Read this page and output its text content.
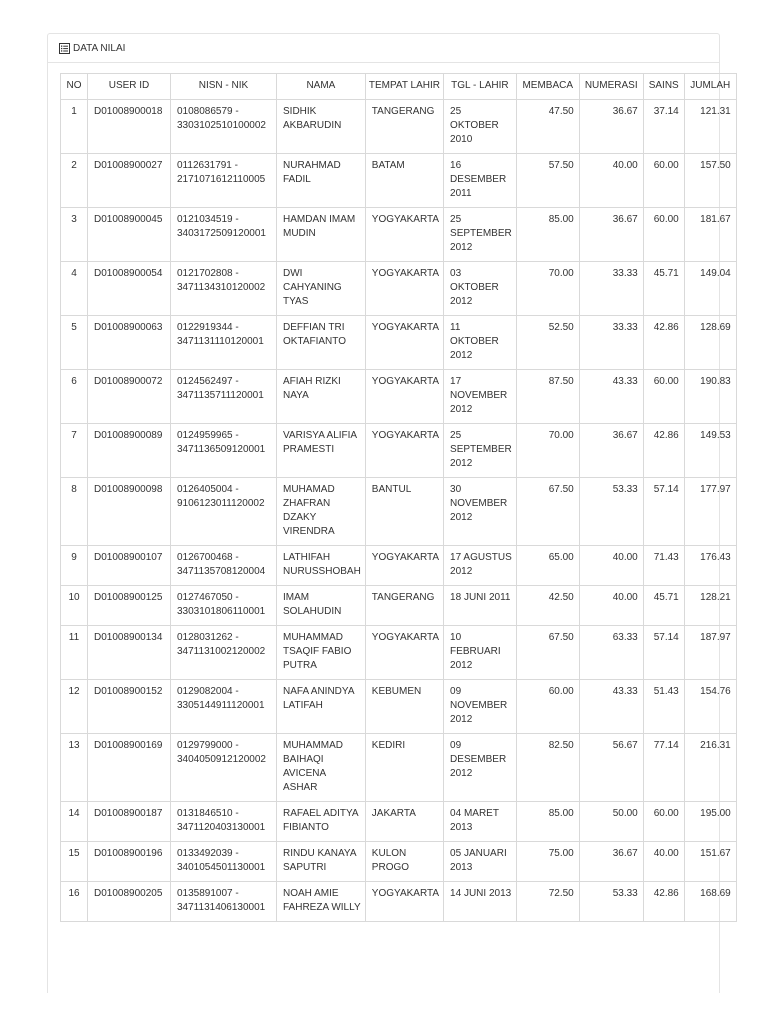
DATA NILAI
NO	USER ID	NISN - NIK	NAMA	TEMPAT LAHIR	TGL - LAHIR	MEMBACA	NUMERASI	SAINS	JUMLAH
1	D01008900018	0108086579 - 3303102510100002	SIDHIK AKBARUDIN	TANGERANG	25 OKTOBER 2010	47.50	36.67	37.14	121.31
2	D01008900027	0112631791 - 2171071612110005	NURAHMAD FADIL	BATAM	16 DESEMBER 2011	57.50	40.00	60.00	157.50
3	D01008900045	0121034519 - 3403172509120001	HAMDAN IMAM MUDIN	YOGYAKARTA	25 SEPTEMBER 2012	85.00	36.67	60.00	181.67
4	D01008900054	0121702808 - 3471134310120002	DWI CAHYANING TYAS	YOGYAKARTA	03 OKTOBER 2012	70.00	33.33	45.71	149.04
5	D01008900063	0122919344 - 3471131110120001	DEFFIAN TRI OKTAFIANTO	YOGYAKARTA	11 OKTOBER 2012	52.50	33.33	42.86	128.69
6	D01008900072	0124562497 - 3471135711120001	AFIAH RIZKI NAYA	YOGYAKARTA	17 NOVEMBER 2012	87.50	43.33	60.00	190.83
7	D01008900089	0124959965 - 3471136509120001	VARISYA ALIFIA PRAMESTI	YOGYAKARTA	25 SEPTEMBER 2012	70.00	36.67	42.86	149.53
8	D01008900098	0126405004 - 9106123011120002	MUHAMAD ZHAFRAN DZAKY VIRENDRA	BANTUL	30 NOVEMBER 2012	67.50	53.33	57.14	177.97
9	D01008900107	0126700468 - 3471135708120004	LATHIFAH NURUSSHOBAH	YOGYAKARTA	17 AGUSTUS 2012	65.00	40.00	71.43	176.43
10	D01008900125	0127467050 - 3303101806110001	IMAM SOLAHUDIN	TANGERANG	18 JUNI 2011	42.50	40.00	45.71	128.21
11	D01008900134	0128031262 - 3471131002120002	MUHAMMAD TSAQIF FABIO PUTRA	YOGYAKARTA	10 FEBRUARI 2012	67.50	63.33	57.14	187.97
12	D01008900152	0129082004 - 3305144911120001	NAFA ANINDYA LATIFAH	KEBUMEN	09 NOVEMBER 2012	60.00	43.33	51.43	154.76
13	D01008900169	0129799000 - 3404050912120002	MUHAMMAD BAIHAQI AVICENA ASHAR	KEDIRI	09 DESEMBER 2012	82.50	56.67	77.14	216.31
14	D01008900187	0131846510 - 3471120403130001	RAFAEL ADITYA FIBIANTO	JAKARTA	04 MARET 2013	85.00	50.00	60.00	195.00
15	D01008900196	0133492039 - 3401054501130001	RINDU KANAYA SAPUTRI	KULON PROGO	05 JANUARI 2013	75.00	36.67	40.00	151.67
16	D01008900205	0135891007 - 3471131406130001	NOAH AMIE FAHREZA WILLY	YOGYAKARTA	14 JUNI 2013	72.50	53.33	42.86	168.69
